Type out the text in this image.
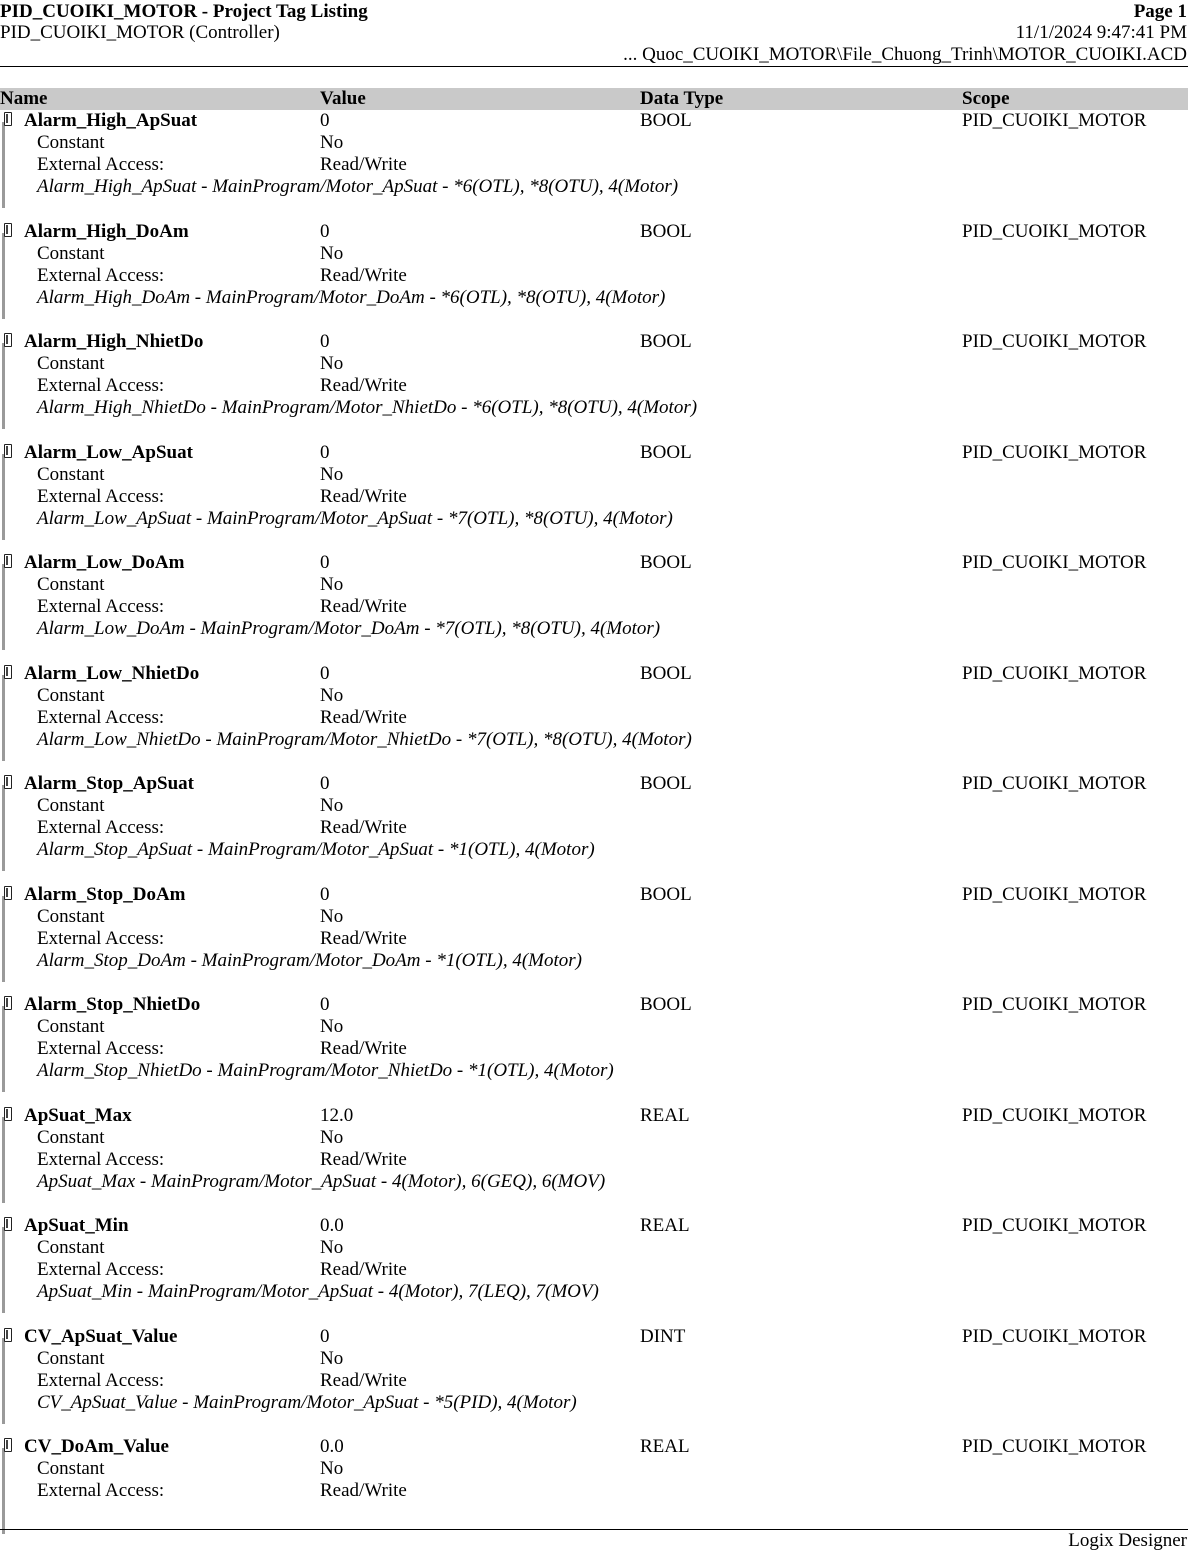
PID_CUOIKI_MOTOR - Project Tag Listing	Page 1
PID_CUOIKI_MOTOR (Controller)	11/1/2024 9:47:41 PM
... Quoc_CUOIKI_MOTOR\File_Chuong_Trinh\MOTOR_CUOIKI.ACD
Name	Value	Data Type	Scope
Alarm_High_ApSuat	0	BOOL	PID_CUOIKI_MOTOR
Constant	No
External Access:	Read/Write
Alarm_High_ApSuat - MainProgram/Motor_ApSuat - *6(OTL), *8(OTU), 4(Motor)
Alarm_High_DoAm	0	BOOL	PID_CUOIKI_MOTOR
Constant	No
External Access:	Read/Write
Alarm_High_DoAm - MainProgram/Motor_DoAm - *6(OTL), *8(OTU), 4(Motor)
Alarm_High_NhietDo	0	BOOL	PID_CUOIKI_MOTOR
Constant	No
External Access:	Read/Write
Alarm_High_NhietDo - MainProgram/Motor_NhietDo - *6(OTL), *8(OTU), 4(Motor)
Alarm_Low_ApSuat	0	BOOL	PID_CUOIKI_MOTOR
Constant	No
External Access:	Read/Write
Alarm_Low_ApSuat - MainProgram/Motor_ApSuat - *7(OTL), *8(OTU), 4(Motor)
Alarm_Low_DoAm	0	BOOL	PID_CUOIKI_MOTOR
Constant	No
External Access:	Read/Write
Alarm_Low_DoAm - MainProgram/Motor_DoAm - *7(OTL), *8(OTU), 4(Motor)
Alarm_Low_NhietDo	0	BOOL	PID_CUOIKI_MOTOR
Constant	No
External Access:	Read/Write
Alarm_Low_NhietDo - MainProgram/Motor_NhietDo - *7(OTL), *8(OTU), 4(Motor)
Alarm_Stop_ApSuat	0	BOOL	PID_CUOIKI_MOTOR
Constant	No
External Access:	Read/Write
Alarm_Stop_ApSuat - MainProgram/Motor_ApSuat - *1(OTL), 4(Motor)
Alarm_Stop_DoAm	0	BOOL	PID_CUOIKI_MOTOR
Constant	No
External Access:	Read/Write
Alarm_Stop_DoAm - MainProgram/Motor_DoAm - *1(OTL), 4(Motor)
Alarm_Stop_NhietDo	0	BOOL	PID_CUOIKI_MOTOR
Constant	No
External Access:	Read/Write
Alarm_Stop_NhietDo - MainProgram/Motor_NhietDo - *1(OTL), 4(Motor)
ApSuat_Max	12.0	REAL	PID_CUOIKI_MOTOR
Constant	No
External Access:	Read/Write
ApSuat_Max - MainProgram/Motor_ApSuat - 4(Motor), 6(GEQ), 6(MOV)
ApSuat_Min	0.0	REAL	PID_CUOIKI_MOTOR
Constant	No
External Access:	Read/Write
ApSuat_Min - MainProgram/Motor_ApSuat - 4(Motor), 7(LEQ), 7(MOV)
CV_ApSuat_Value	0	DINT	PID_CUOIKI_MOTOR
Constant	No
External Access:	Read/Write
CV_ApSuat_Value - MainProgram/Motor_ApSuat - *5(PID), 4(Motor)
CV_DoAm_Value	0.0	REAL	PID_CUOIKI_MOTOR
Constant	No
External Access:	Read/Write
Logix Designer
